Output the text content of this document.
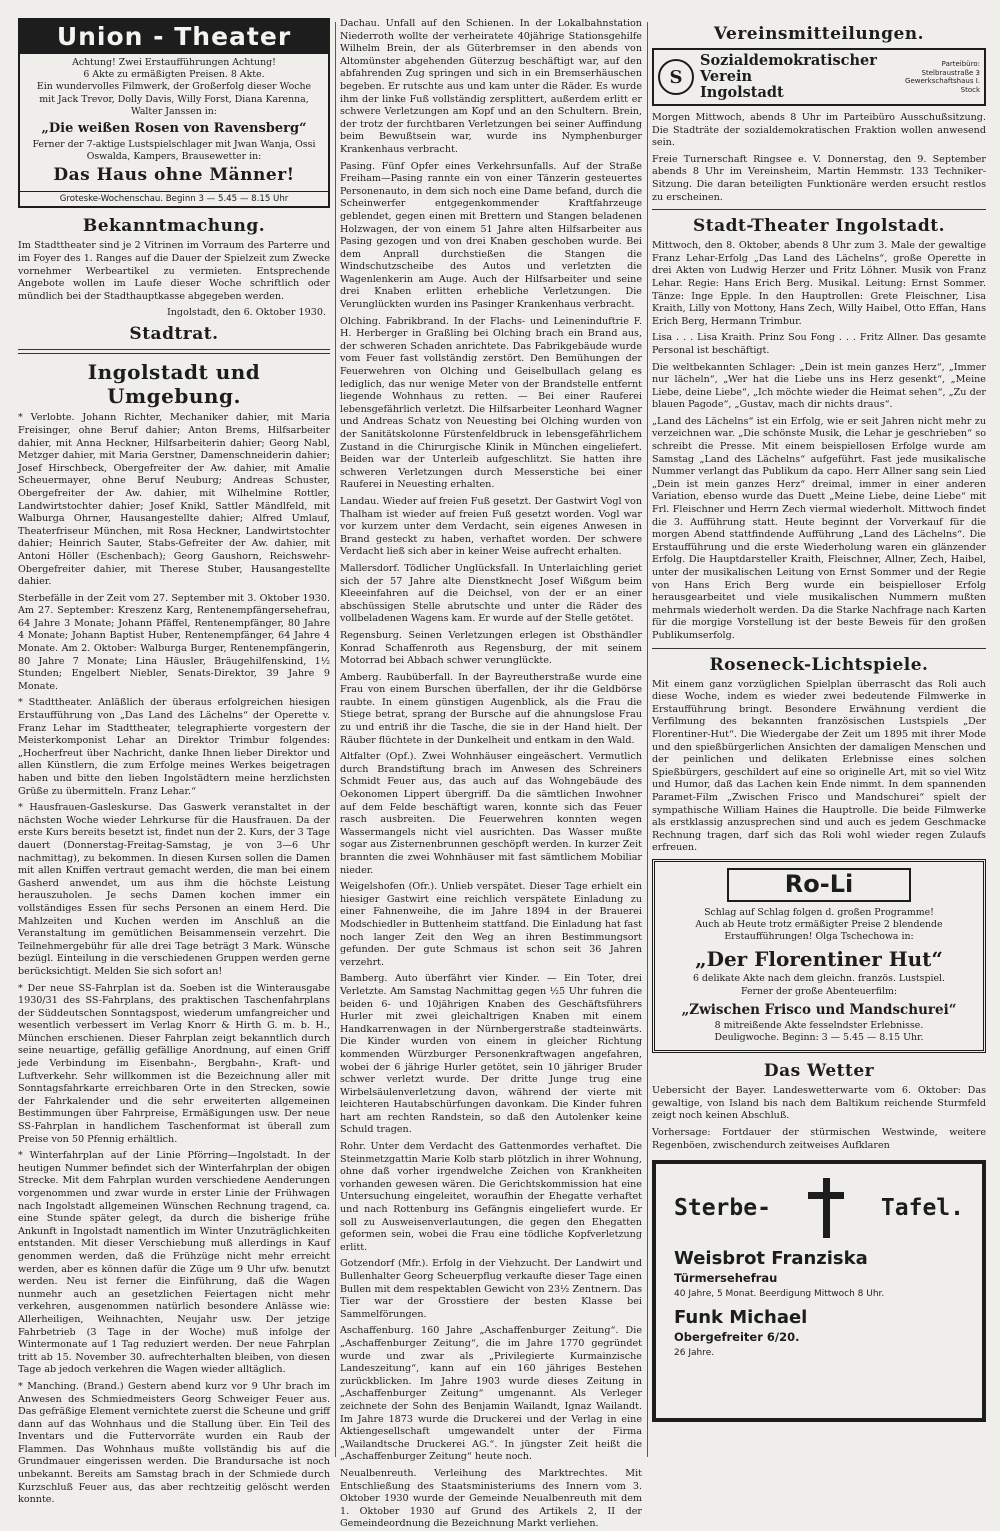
Union - Theater

Achtung! Zwei Erstaufführungen Achtung!

6 Akte zu ermäßigten Preisen. 8 Akte.

Ein wundervolles Filmwerk, der Großerfolg dieser Woche mit Jack Trevor, Dolly Davis, Willy Forst, Diana Karenna, Walter Janssen in:

„Die weißen Rosen von Ravensberg“

Ferner der 7-aktige Lustspielschlager mit Jwan Wanja, Ossi Oswalda, Kampers, Brausewetter in:

Das Haus ohne Männer!
Groteske-Wochenschau. Beginn 3 — 5.45 — 8.15 Uhr
Bekanntmachung.

Im Stadttheater sind je 2 Vitrinen im Vorraum des Parterre und im Foyer des 1. Ranges auf die Dauer der Spielzeit zum Zwecke vornehmer Werbeartikel zu vermieten. Entsprechende Angebote wollen im Laufe dieser Woche schriftlich oder mündlich bei der Stadthauptkasse abgegeben werden.

Ingolstadt, den 6. Oktober 1930.
Stadtrat.
Ingolstadt und Umgebung.

* Verlobte. Johann Richter, Mechaniker dahier, mit Maria Freisinger, ohne Beruf dahier; Anton Brems, Hilfsarbeiter dahier, mit Anna Heckner, Hilfsarbeiterin dahier; Georg Nabl, Metzger dahier, mit Maria Gerstner, Damenschneiderin dahier; Josef Hirschbeck, Obergefreiter der Aw. dahier, mit Amalie Scheuermayer, ohne Beruf Neuburg; Andreas Schuster, Obergefreiter der Aw. dahier, mit Wilhelmine Rottler, Landwirtstochter dahier; Josef Knikl, Sattler Mändlfeld, mit Walburga Ohrner, Hausangestellte dahier; Alfred Umlauf, Theaterfriseur München, mit Rosa Heckner, Landwirtstochter dahier; Heinrich Sauter, Stabs-Gefreiter der Aw. dahier, mit Antoni Höller (Eschenbach); Georg Gaushorn, Reichswehr-Obergefreiter dahier, mit Therese Stuber, Hausangestellte dahier.

Sterbefälle in der Zeit vom 27. September mit 3. Oktober 1930. Am 27. September: Kreszenz Karg, Rentenempfängersehefrau, 64 Jahre 3 Monate; Johann Pfäffel, Rentenempfänger, 80 Jahre 4 Monate; Johann Baptist Huber, Rentenempfänger, 64 Jahre 4 Monate. Am 2. Oktober: Walburga Burger, Rentenempfängerin, 80 Jahre 7 Monate; Lina Häusler, Bräugehilfenskind, 1½ Stunden; Engelbert Niebler, Senats-Direktor, 39 Jahre 9 Monate.

* Stadttheater. Anläßlich der überaus erfolgreichen hiesigen Erstaufführung von „Das Land des Lächelns“ der Operette v. Franz Lehar im Stadttheater, telegraphierte vorgestern der Meisterkomponist Lehar an Direktor Trimbur folgendes: „Hocherfreut über Nachricht, danke Ihnen lieber Direktor und allen Künstlern, die zum Erfolge meines Werkes beigetragen haben und bitte den lieben Ingolstädtern meine herzlichsten Grüße zu übermitteln. Franz Lehar.“

* Hausfrauen-Gasleskurse. Das Gaswerk veranstaltet in der nächsten Woche wieder Lehrkurse für die Hausfrauen. Da der erste Kurs bereits besetzt ist, findet nun der 2. Kurs, der 3 Tage dauert (Donnerstag-Freitag-Samstag, je von 3—6 Uhr nachmittag), zu bekommen. In diesen Kursen sollen die Damen mit allen Kniffen vertraut gemacht werden, die man bei einem Gasherd anwendet, um aus ihm die höchste Leistung herauszuholen. Je sechs Damen kochen immer ein vollständiges Essen für sechs Personen an einem Herd. Die Mahlzeiten und Kuchen werden im Anschluß an die Veranstaltung im gemütlichen Beisammensein verzehrt. Die Teilnehmergebühr für alle drei Tage beträgt 3 Mark. Wünsche bezügl. Einteilung in die verschiedenen Gruppen werden gerne berücksichtigt. Melden Sie sich sofort an!

* Der neue SS-Fahrplan ist da. Soeben ist die Winterausgabe 1930/31 des SS-Fahrplans, des praktischen Taschenfahrplans der Süddeutschen Sonntagspost, wiederum umfangreicher und wesentlich verbessert im Verlag Knorr & Hirth G. m. b. H., München erschienen. Dieser Fahrplan zeigt bekanntlich durch seine neuartige, gefällig gefällige Anordnung, auf einen Griff jede Verbindung im Eisenbahn-, Bergbahn-, Kraft- und Luftverkehr. Sehr willkommen ist die Bezeichnung aller mit Sonntagsfahrkarte erreichbaren Orte in den Strecken, sowie der Fahrkalender und die sehr erweiterten allgemeinen Bestimmungen über Fahrpreise, Ermäßigungen usw. Der neue SS-Fahrplan in handlichem Taschenformat ist überall zum Preise von 50 Pfennig erhältlich.

* Winterfahrplan auf der Linie Pförring—Ingolstadt. In der heutigen Nummer befindet sich der Winterfahrplan der obigen Strecke. Mit dem Fahrplan wurden verschiedene Aenderungen vorgenommen und zwar wurde in erster Linie der Frühwagen nach Ingolstadt allgemeinen Wünschen Rechnung tragend, ca. eine Stunde später gelegt, da durch die bisherige frühe Ankunft in Ingolstadt namentlich im Winter Unzuträglichkeiten entstanden. Mit dieser Verschiebung muß allerdings in Kauf genommen werden, daß die Frühzüge nicht mehr erreicht werden, aber es können dafür die Züge um 9 Uhr ufw. benutzt werden. Neu ist ferner die Einführung, daß die Wagen nunmehr auch an gesetzlichen Feiertagen nicht mehr verkehren, ausgenommen natürlich besondere Anlässe wie: Allerheiligen, Weihnachten, Neujahr usw. Der jetzige Fahrbetrieb (3 Tage in der Woche) muß infolge der Wintermonate auf 1 Tag reduziert werden. Der neue Fahrplan tritt ab 15. November 30. aufrechterhalten bleiben, von diesen Tage ab jedoch verkehren die Wagen wieder alltäglich.

* Manching. (Brand.) Gestern abend kurz vor 9 Uhr brach im Anwesen des Schmiedmeisters Georg Schweiger Feuer aus. Das gefräßige Element vernichtete zuerst die Scheune und griff dann auf das Wohnhaus und die Stallung über. Ein Teil des Inventars und die Futtervorräte wurden ein Raub der Flammen. Das Wohnhaus mußte vollständig bis auf die Grundmauer eingerissen werden. Die Brandursache ist noch unbekannt. Bereits am Samstag brach in der Schmiede durch Kurzschluß Feuer aus, das aber rechtzeitig gelöscht werden konnte.

Dachau. Unfall auf den Schienen. In der Lokalbahnstation Niederroth wollte der verheiratete 40jährige Stationsgehilfe Wilhelm Brein, der als Güterbremser in den abends von Altomünster abgehenden Güterzug beschäftigt war, auf den abfahrenden Zug springen und sich in ein Bremserhäuschen begeben. Er rutschte aus und kam unter die Räder. Es wurde ihm der linke Fuß vollständig zersplittert, außerdem erlitt er schwere Verletzungen am Kopf und an den Schultern. Brein, der trotz der furchtbaren Verletzungen bei seiner Auffindung beim Bewußtsein war, wurde ins Nymphenburger Krankenhaus verbracht.

Pasing. Fünf Opfer eines Verkehrsunfalls. Auf der Straße Freiham—Pasing rannte ein von einer Tänzerin gesteuertes Personenauto, in dem sich noch eine Dame befand, durch die Scheinwerfer entgegenkommender Kraftfahrzeuge geblendet, gegen einen mit Brettern und Stangen beladenen Holzwagen, der von einem 51 Jahre alten Hilfsarbeiter aus Pasing gezogen und von drei Knaben geschoben wurde. Bei dem Anprall durchstießen die Stangen die Windschutzscheibe des Autos und verletzten die Wagenlenkerin am Auge. Auch der Hilfsarbeiter und seine drei Knaben erlitten erhebliche Verletzungen. Die Verunglückten wurden ins Pasinger Krankenhaus verbracht.

Olching. Fabrikbrand. In der Flachs- und Leineninduftrie F. H. Herberger in Graßling bei Olching brach ein Brand aus, der schweren Schaden anrichtete. Das Fabrikgebäude wurde vom Feuer fast vollständig zerstört. Den Bemühungen der Feuerwehren von Olching und Geiselbullach gelang es lediglich, das nur wenige Meter von der Brandstelle entfernt liegende Wohnhaus zu retten. — Bei einer Rauferei lebensgefährlich verletzt. Die Hilfsarbeiter Leonhard Wagner und Andreas Schatz von Neuesting bei Olching wurden von der Sanitätskolonne Fürstenfeldbruck in lebensgefährlichem Zustand in die Chirurgische Klinik in München eingeliefert. Beiden war der Unterleib aufgeschlitzt. Sie hatten ihre schweren Verletzungen durch Messerstiche bei einer Rauferei in Neuesting erhalten.

Landau. Wieder auf freien Fuß gesetzt. Der Gastwirt Vogl von Thalham ist wieder auf freien Fuß gesetzt worden. Vogl war vor kurzem unter dem Verdacht, sein eigenes Anwesen in Brand gesteckt zu haben, verhaftet worden. Der schwere Verdacht ließ sich aber in keiner Weise aufrecht erhalten.

Mallersdorf. Tödlicher Unglücksfall. In Unterlaichling geriet sich der 57 Jahre alte Dienstknecht Josef Wißgum beim Kleeeinfahren auf die Deichsel, von der er an einer abschüssigen Stelle abrutschte und unter die Räder des vollbeladenen Wagens kam. Er wurde auf der Stelle getötet.

Regensburg. Seinen Verletzungen erlegen ist Obsthändler Konrad Schaffenroth aus Regensburg, der mit seinem Motorrad bei Abbach schwer verunglückte.

Amberg. Raubüberfall. In der Bayreutherstraße wurde eine Frau von einem Burschen überfallen, der ihr die Geldbörse raubte. In einem günstigen Augenblick, als die Frau die Stiege betrat, sprang der Bursche auf die ahnungslose Frau zu und entriß ihr die Tasche, die sie in der Hand hielt. Der Räuber flüchtete in der Dunkelheit und entkam in den Wald.

Altfalter (Opf.). Zwei Wohnhäuser eingeäschert. Vermutlich durch Brandstiftung brach im Anwesen des Schreiners Schmidt Feuer aus, das auch auf das Wohngebäude des Oekonomen Lippert übergriff. Da die sämtlichen Inwohner auf dem Felde beschäftigt waren, konnte sich das Feuer rasch ausbreiten. Die Feuerwehren konnten wegen Wassermangels nicht viel ausrichten. Das Wasser mußte sogar aus Zisternenbrunnen geschöpft werden. In kurzer Zeit brannten die zwei Wohnhäuser mit fast sämtlichem Mobiliar nieder.

Weigelshofen (Ofr.). Unlieb verspätet. Dieser Tage erhielt ein hiesiger Gastwirt eine reichlich verspätete Einladung zu einer Fahnenweihe, die im Jahre 1894 in der Brauerei Modschiedler in Buttenheim stattfand. Die Einladung hat fast noch langer Zeit den Weg an ihren Bestimmungsort gefunden. Der gute Schmaus ist schon seit 36 Jahren verzehrt.

Bamberg. Auto überfährt vier Kinder. — Ein Toter, drei Verletzte. Am Samstag Nachmittag gegen ½5 Uhr fuhren die beiden 6- und 10jährigen Knaben des Geschäftsführers Hurler mit zwei gleichaltrigen Knaben mit einem Handkarrenwagen in der Nürnbergerstraße stadteinwärts. Die Kinder wurden von einem in gleicher Richtung kommenden Würzburger Personenkraftwagen angefahren, wobei der 6 jährige Hurler getötet, sein 10 jähriger Bruder schwer verletzt wurde. Der dritte Junge trug eine Wirbelsäulenverletzung davon, während der vierte mit leichteren Hautabschürfungen davonkam. Die Kinder fuhren hart am rechten Randstein, so daß den Autolenker keine Schuld tragen.

Rohr. Unter dem Verdacht des Gattenmordes verhaftet. Die Steinmetzgattin Marie Kolb starb plötzlich in ihrer Wohnung, ohne daß vorher irgendwelche Zeichen von Krankheiten vorhanden gewesen wären. Die Gerichtskommission hat eine Untersuchung eingeleitet, woraufhin der Ehegatte verhaftet und nach Rottenburg ins Gefängnis eingeliefert wurde. Er soll zu Ausweisenverlautungen, die gegen den Ehegatten geformen sein, wobei die Frau eine tödliche Kopfverletzung erlitt.

Gotzendorf (Mfr.). Erfolg in der Viehzucht. Der Landwirt und Bullenhalter Georg Scheuerpflug verkaufte dieser Tage einen Bullen mit dem respektablen Gewicht von 23½ Zentnern. Das Tier war der Grosstiere der besten Klasse bei Sammelförungen.

Aschaffenburg. 160 Jahre „Aschaffenburger Zeitung“. Die „Aschaffenburger Zeitung“, die im Jahre 1770 gegründet wurde und zwar als „Privilegierte Kurmainzische Landeszeitung“, kann auf ein 160 jähriges Bestehen zurückblicken. Im Jahre 1903 wurde dieses Zeitung in „Aschaffenburger Zeitung“ umgenannt. Als Verleger zeichnete der Sohn des Benjamin Wailandt, Ignaz Wailandt. Im Jahre 1873 wurde die Druckerei und der Verlag in eine Aktiengesellschaft umgewandelt unter der Firma „Wailandtsche Druckerei AG.“. In jüngster Zeit heißt die „Aschaffenburger Zeitung“ heute noch.

Neualbenreuth. Verleihung des Marktrechtes. Mit Entschließung des Staatsministeriums des Innern vom 3. Oktober 1930 wurde der Gemeinde Neualbenreuth mit dem 1. Oktober 1930 auf Grund des Artikels 2, II der Gemeindeordnung die Bezeichnung Markt verliehen.

Vereinsmitteilungen.
S
Sozialdemokratischer Verein
Ingolstadt
Parteibüro: Stelbraustraße 3
Gewerkschaftshaus I. Stock

Morgen Mittwoch, abends 8 Uhr im Parteibüro Ausschußsitzung. Die Stadträte der sozialdemokratischen Fraktion wollen anwesend sein.

Freie Turnerschaft Ringsee e. V. Donnerstag, den 9. September abends 8 Uhr im Vereinsheim, Martin Hemmstr. 133 Techniker-Sitzung. Die daran beteiligten Funktionäre werden ersucht restlos zu erscheinen.

Stadt-Theater Ingolstadt.

Mittwoch, den 8. Oktober, abends 8 Uhr zum 3. Male der gewaltige Franz Lehar-Erfolg „Das Land des Lächelns“, große Operette in drei Akten von Ludwig Herzer und Fritz Löhner. Musik von Franz Lehar. Regie: Hans Erich Berg. Musikal. Leitung: Ernst Sommer. Tänze: Inge Epple. In den Hauptrollen: Grete Fleischner, Lisa Kraith, Lilly von Mottony, Hans Zech, Willy Haibel, Otto Effan, Hans Erich Berg, Hermann Trimbur.

Lisa . . . Lisa Kraith. Prinz Sou Fong . . . Fritz Allner. Das gesamte Personal ist beschäftigt.

Die weltbekannten Schlager: „Dein ist mein ganzes Herz“, „Immer nur lächeln“, „Wer hat die Liebe uns ins Herz gesenkt“, „Meine Liebe, deine Liebe“, „Ich möchte wieder die Heimat sehen“, „Zu der blauen Pagode“, „Gustav, mach dir nichts draus“.

„Land des Lächelns“ ist ein Erfolg, wie er seit Jahren nicht mehr zu verzeichnen war. „Die schönste Musik, die Lehar je geschrieben“ so schreibt die Presse. Mit einem beispiellosen Erfolge wurde am Samstag „Land des Lächelns“ aufgeführt. Fast jede musikalische Nummer verlangt das Publikum da capo. Herr Allner sang sein Lied „Dein ist mein ganzes Herz“ dreimal, immer in einer anderen Variation, ebenso wurde das Duett „Meine Liebe, deine Liebe“ mit Frl. Fleischner und Herrn Zech viermal wiederholt. Mittwoch findet die 3. Aufführung statt. Heute beginnt der Vorverkauf für die morgen Abend stattfindende Aufführung „Land des Lächelns“. Die Erstaufführung und die erste Wiederholung waren ein glänzender Erfolg. Die Hauptdarsteller Kraith, Fleischner, Allner, Zech, Haibel, unter der musikalischen Leitung von Ernst Sommer und der Regie von Hans Erich Berg wurde ein beispielloser Erfolg herausgearbeitet und viele musikalischen Nummern mußten mehrmals wiederholt werden. Da die Starke Nachfrage nach Karten für die morgige Vorstellung ist der beste Beweis für den großen Publikumserfolg.

Roseneck-Lichtspiele.

Mit einem ganz vorzüglichen Spielplan überrascht das Roli auch diese Woche, indem es wieder zwei bedeutende Filmwerke in Erstaufführung bringt. Besondere Erwähnung verdient die Verfilmung des bekannten französischen Lustspiels „Der Florentiner-Hut“. Die Wiedergabe der Zeit um 1895 mit ihrer Mode und den spießbürgerlichen Ansichten der damaligen Menschen und der peinlichen und delikaten Erlebnisse eines solchen Spießbürgers, geschildert auf eine so originelle Art, mit so viel Witz und Humor, daß das Lachen kein Ende nimmt. In dem spannenden Paramet-Film „Zwischen Frisco und Mandschurei“ spielt der sympathische William Haines die Hauptrolle. Die beide Filmwerke als erstklassig anzusprechen sind und auch es jedem Geschmacke Rechnung tragen, darf sich das Roli wohl wieder regen Zulaufs erfreuen.

Ro-Li

Schlag auf Schlag folgen d. großen Programme!

Auch ab Heute trotz ermäßigter Preise 2 blendende Erstaufführungen! Olga Tschechowa in:

„Der Florentiner Hut“

6 delikate Akte nach dem gleichn. französ. Lustspiel.

Ferner der große Abenteuerfilm:

„Zwischen Frisco und Mandschurei“

8 mitreißende Akte fesselndster Erlebnisse.

Deuligwoche. Beginn: 3 — 5.45 — 8.15 Uhr.

Das Wetter

Uebersicht der Bayer. Landeswetterwarte vom 6. Oktober: Das gewaltige, von Island bis nach dem Baltikum reichende Sturmfeld zeigt noch keinen Abschluß.

Vorhersage: Fortdauer der stürmischen Westwinde, weitere Regenböen, zwischendurch zeitweises Aufklaren

Sterbe-	Tafel.
Weisbrot Franziska
Türmersehefrau
40 Jahre, 5 Monat. Beerdigung Mittwoch 8 Uhr.
Funk Michael
Obergefreiter 6/20.
26 Jahre.
